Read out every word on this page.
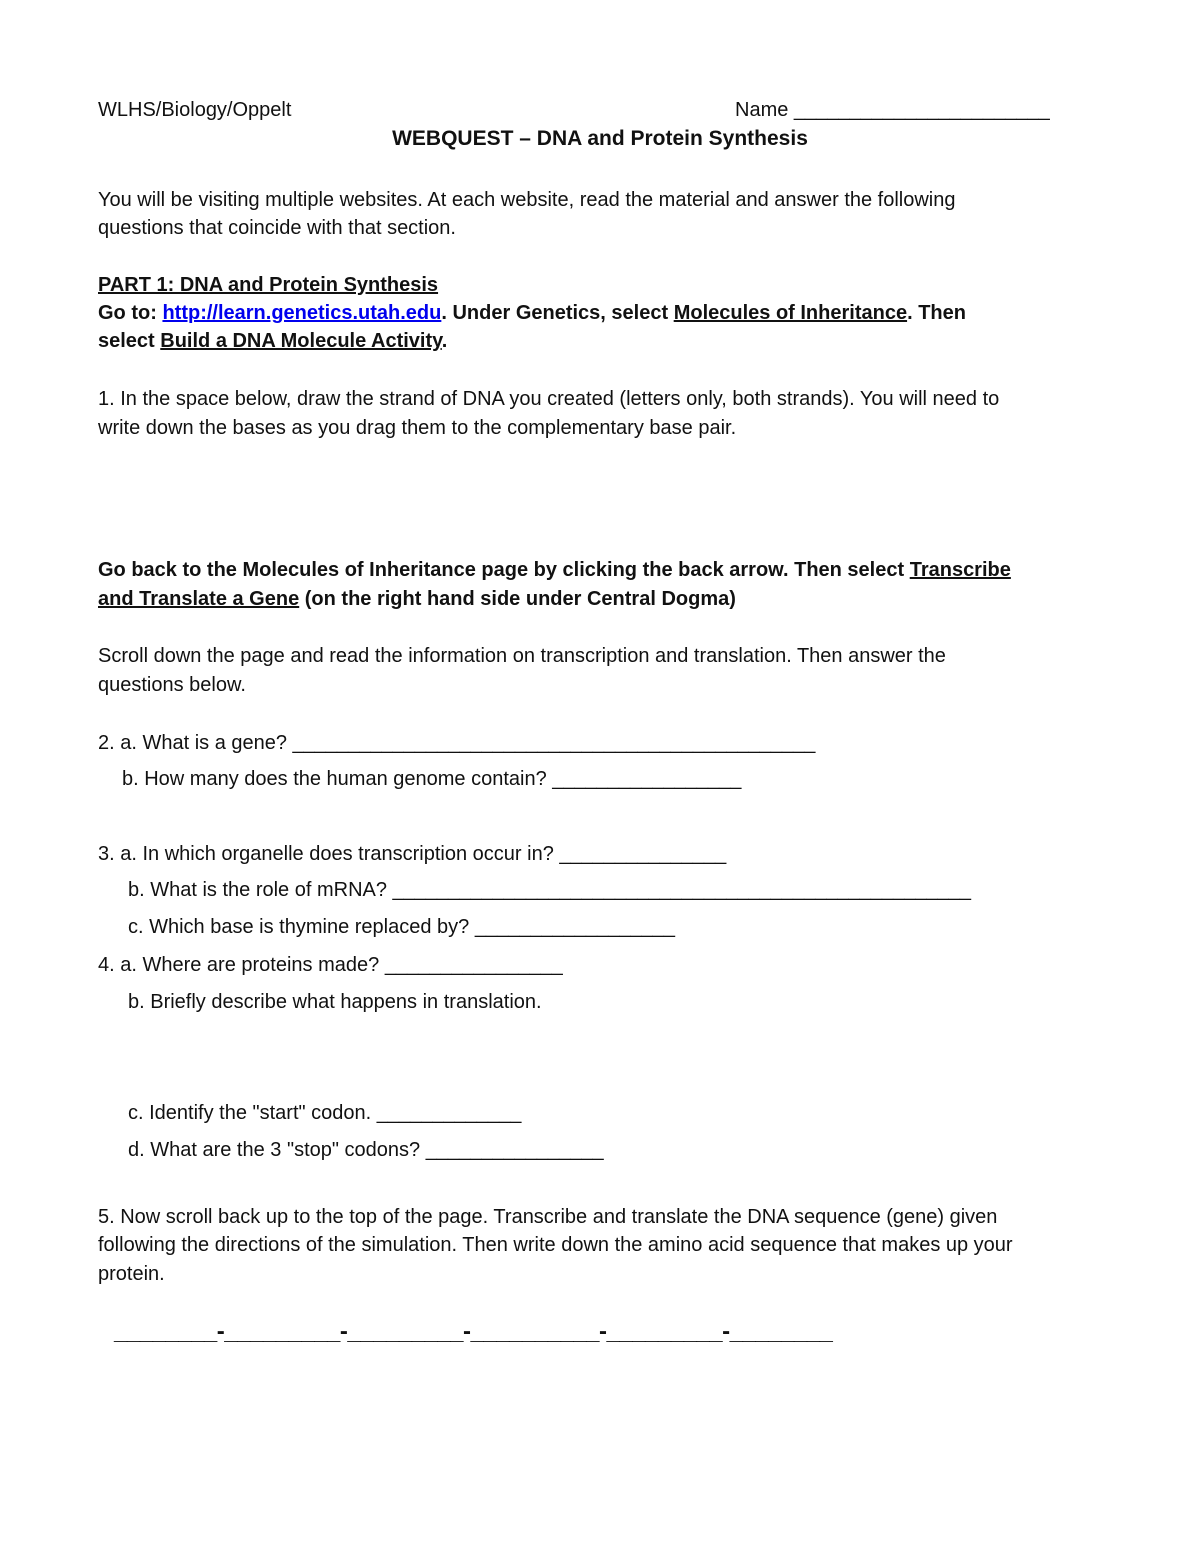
WLHS/Biology/Oppelt	Name _______________________
WEBQUEST – DNA and Protein Synthesis
You will be visiting multiple websites. At each website, read the material and answer the following
questions that coincide with that section.
PART 1: DNA and Protein Synthesis
Go to: http://learn.genetics.utah.edu. Under Genetics, select Molecules of Inheritance. Then
select Build a DNA Molecule Activity.
1. In the space below, draw the strand of DNA you created (letters only, both strands). You will need to
write down the bases as you drag them to the complementary base pair.
Go back to the Molecules of Inheritance page by clicking the back arrow. Then select Transcribe
and Translate a Gene (on the right hand side under Central Dogma)
Scroll down the page and read the information on transcription and translation. Then answer the
questions below.
2. a. What is a gene? _______________________________________________
b. How many does the human genome contain? _________________
3. a. In which organelle does transcription occur in? _______________
b. What is the role of mRNA? ____________________________________________________
c. Which base is thymine replaced by? __________________
4. a. Where are proteins made? ________________
b. Briefly describe what happens in translation.
c. Identify the "start" codon. _____________
d. What are the 3 "stop" codons? ________________
5. Now scroll back up to the top of the page. Transcribe and translate the DNA sequence (gene) given
following the directions of the simulation. Then write down the amino acid sequence that makes up your
protein.
________-_________-_________-__________-_________-________
